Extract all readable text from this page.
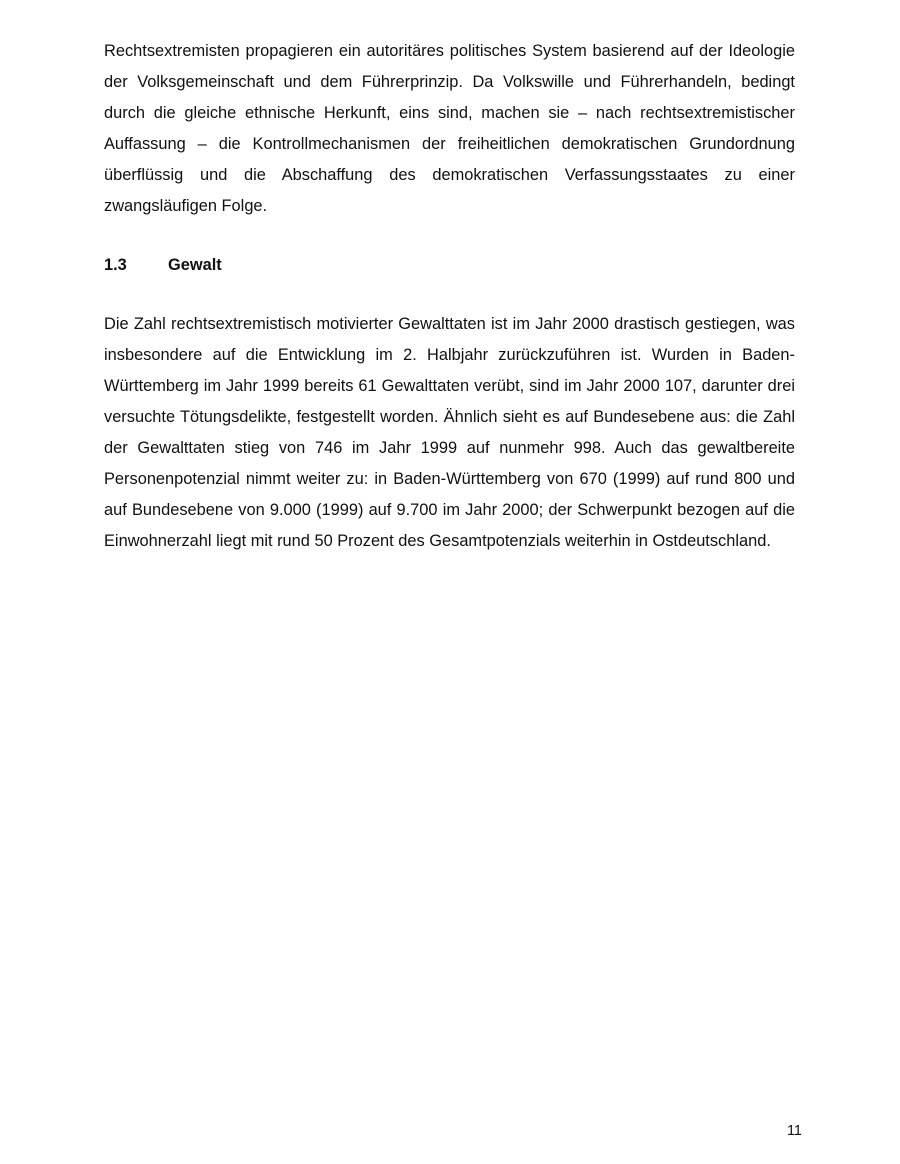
Rechtsextremisten propagieren ein autoritäres politisches System basierend auf der Ideologie der Volksgemeinschaft und dem Führerprinzip. Da Volkswille und Führerhandeln, bedingt durch die gleiche ethnische Herkunft, eins sind, machen sie – nach rechtsextremistischer Auffassung – die Kontrollmechanismen der freiheitlichen demokratischen Grundordnung überflüssig und die Abschaffung des demokratischen Verfassungsstaates zu einer zwangsläufigen Folge.

1.3	Gewalt

Die Zahl rechtsextremistisch motivierter Gewalttaten ist im Jahr 2000 drastisch gestiegen, was insbesondere auf die Entwicklung im 2. Halbjahr zurückzuführen ist. Wurden in Baden-Württemberg im Jahr 1999 bereits 61 Gewalttaten verübt, sind im Jahr 2000 107, darunter drei versuchte Tötungsdelikte, festgestellt worden. Ähnlich sieht es auf Bundesebene aus: die Zahl der Gewalttaten stieg von 746 im Jahr 1999 auf nunmehr 998. Auch das gewaltbereite Personenpotenzial nimmt weiter zu: in Baden-Württemberg von 670 (1999) auf rund 800 und auf Bundesebene von 9.000 (1999) auf 9.700 im Jahr 2000; der Schwerpunkt bezogen auf die Einwohnerzahl liegt mit rund 50 Prozent des Gesamtpotenzials weiterhin in Ostdeutschland.

11
